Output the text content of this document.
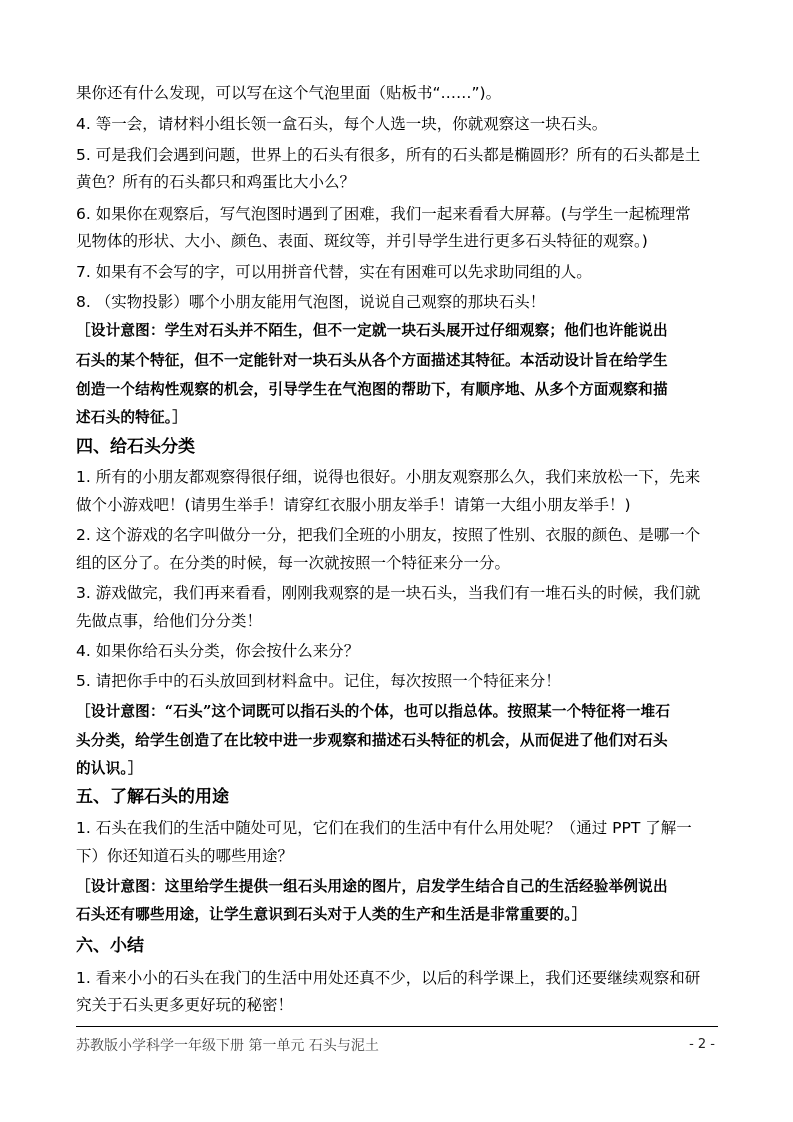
果你还有什么发现，可以写在这个气泡里面（贴板书“……”)。
4. 等一会，请材料小组长领一盒石头，每个人选一块，你就观察这一块石头。
5. 可是我们会遇到问题，世界上的石头有很多，所有的石头都是椭圆形？所有的石头都是土
黄色？所有的石头都只和鸡蛋比大小么？
6. 如果你在观察后，写气泡图时遇到了困难，我们一起来看看大屏幕。(与学生一起梳理常
见物体的形状、大小、颜色、表面、斑纹等，并引导学生进行更多石头特征的观察。)
7. 如果有不会写的字，可以用拼音代替，实在有困难可以先求助同组的人。
8. （实物投影）哪个小朋友能用气泡图，说说自己观察的那块石头！
［设计意图：学生对石头并不陌生，但不一定就一块石头展开过仔细观察；他们也许能说出
石头的某个特征，但不一定能针对一块石头从各个方面描述其特征。本活动设计旨在给学生
创造一个结构性观察的机会，引导学生在气泡图的帮助下，有顺序地、从多个方面观察和描
述石头的特征。］
四、给石头分类
1. 所有的小朋友都观察得很仔细，说得也很好。小朋友观察那么久，我们来放松一下，先来
做个小游戏吧！(请男生举手！请穿红衣服小朋友举手！请第一大组小朋友举手！)
2. 这个游戏的名字叫做分一分，把我们全班的小朋友，按照了性别、衣服的颜色、是哪一个
组的区分了。在分类的时候，每一次就按照一个特征来分一分。
3. 游戏做完，我们再来看看，刚刚我观察的是一块石头，当我们有一堆石头的时候，我们就
先做点事，给他们分分类！
4. 如果你给石头分类，你会按什么来分？
5. 请把你手中的石头放回到材料盒中。记住，每次按照一个特征来分！
［设计意图：“石头”这个词既可以指石头的个体，也可以指总体。按照某一个特征将一堆石
头分类，给学生创造了在比较中进一步观察和描述石头特征的机会，从而促进了他们对石头
的认识。］
五、了解石头的用途
1. 石头在我们的生活中随处可见，它们在我们的生活中有什么用处呢？（通过 PPT 了解一
下）你还知道石头的哪些用途？
［设计意图：这里给学生提供一组石头用途的图片，启发学生结合自己的生活经验举例说出
石头还有哪些用途，让学生意识到石头对于人类的生产和生活是非常重要的。］
六、小结
1. 看来小小的石头在我门的生活中用处还真不少，以后的科学课上，我们还要继续观察和研
究关于石头更多更好玩的秘密！
苏教版小学科学一年级下册 第一单元 石头与泥土	- 2 -
